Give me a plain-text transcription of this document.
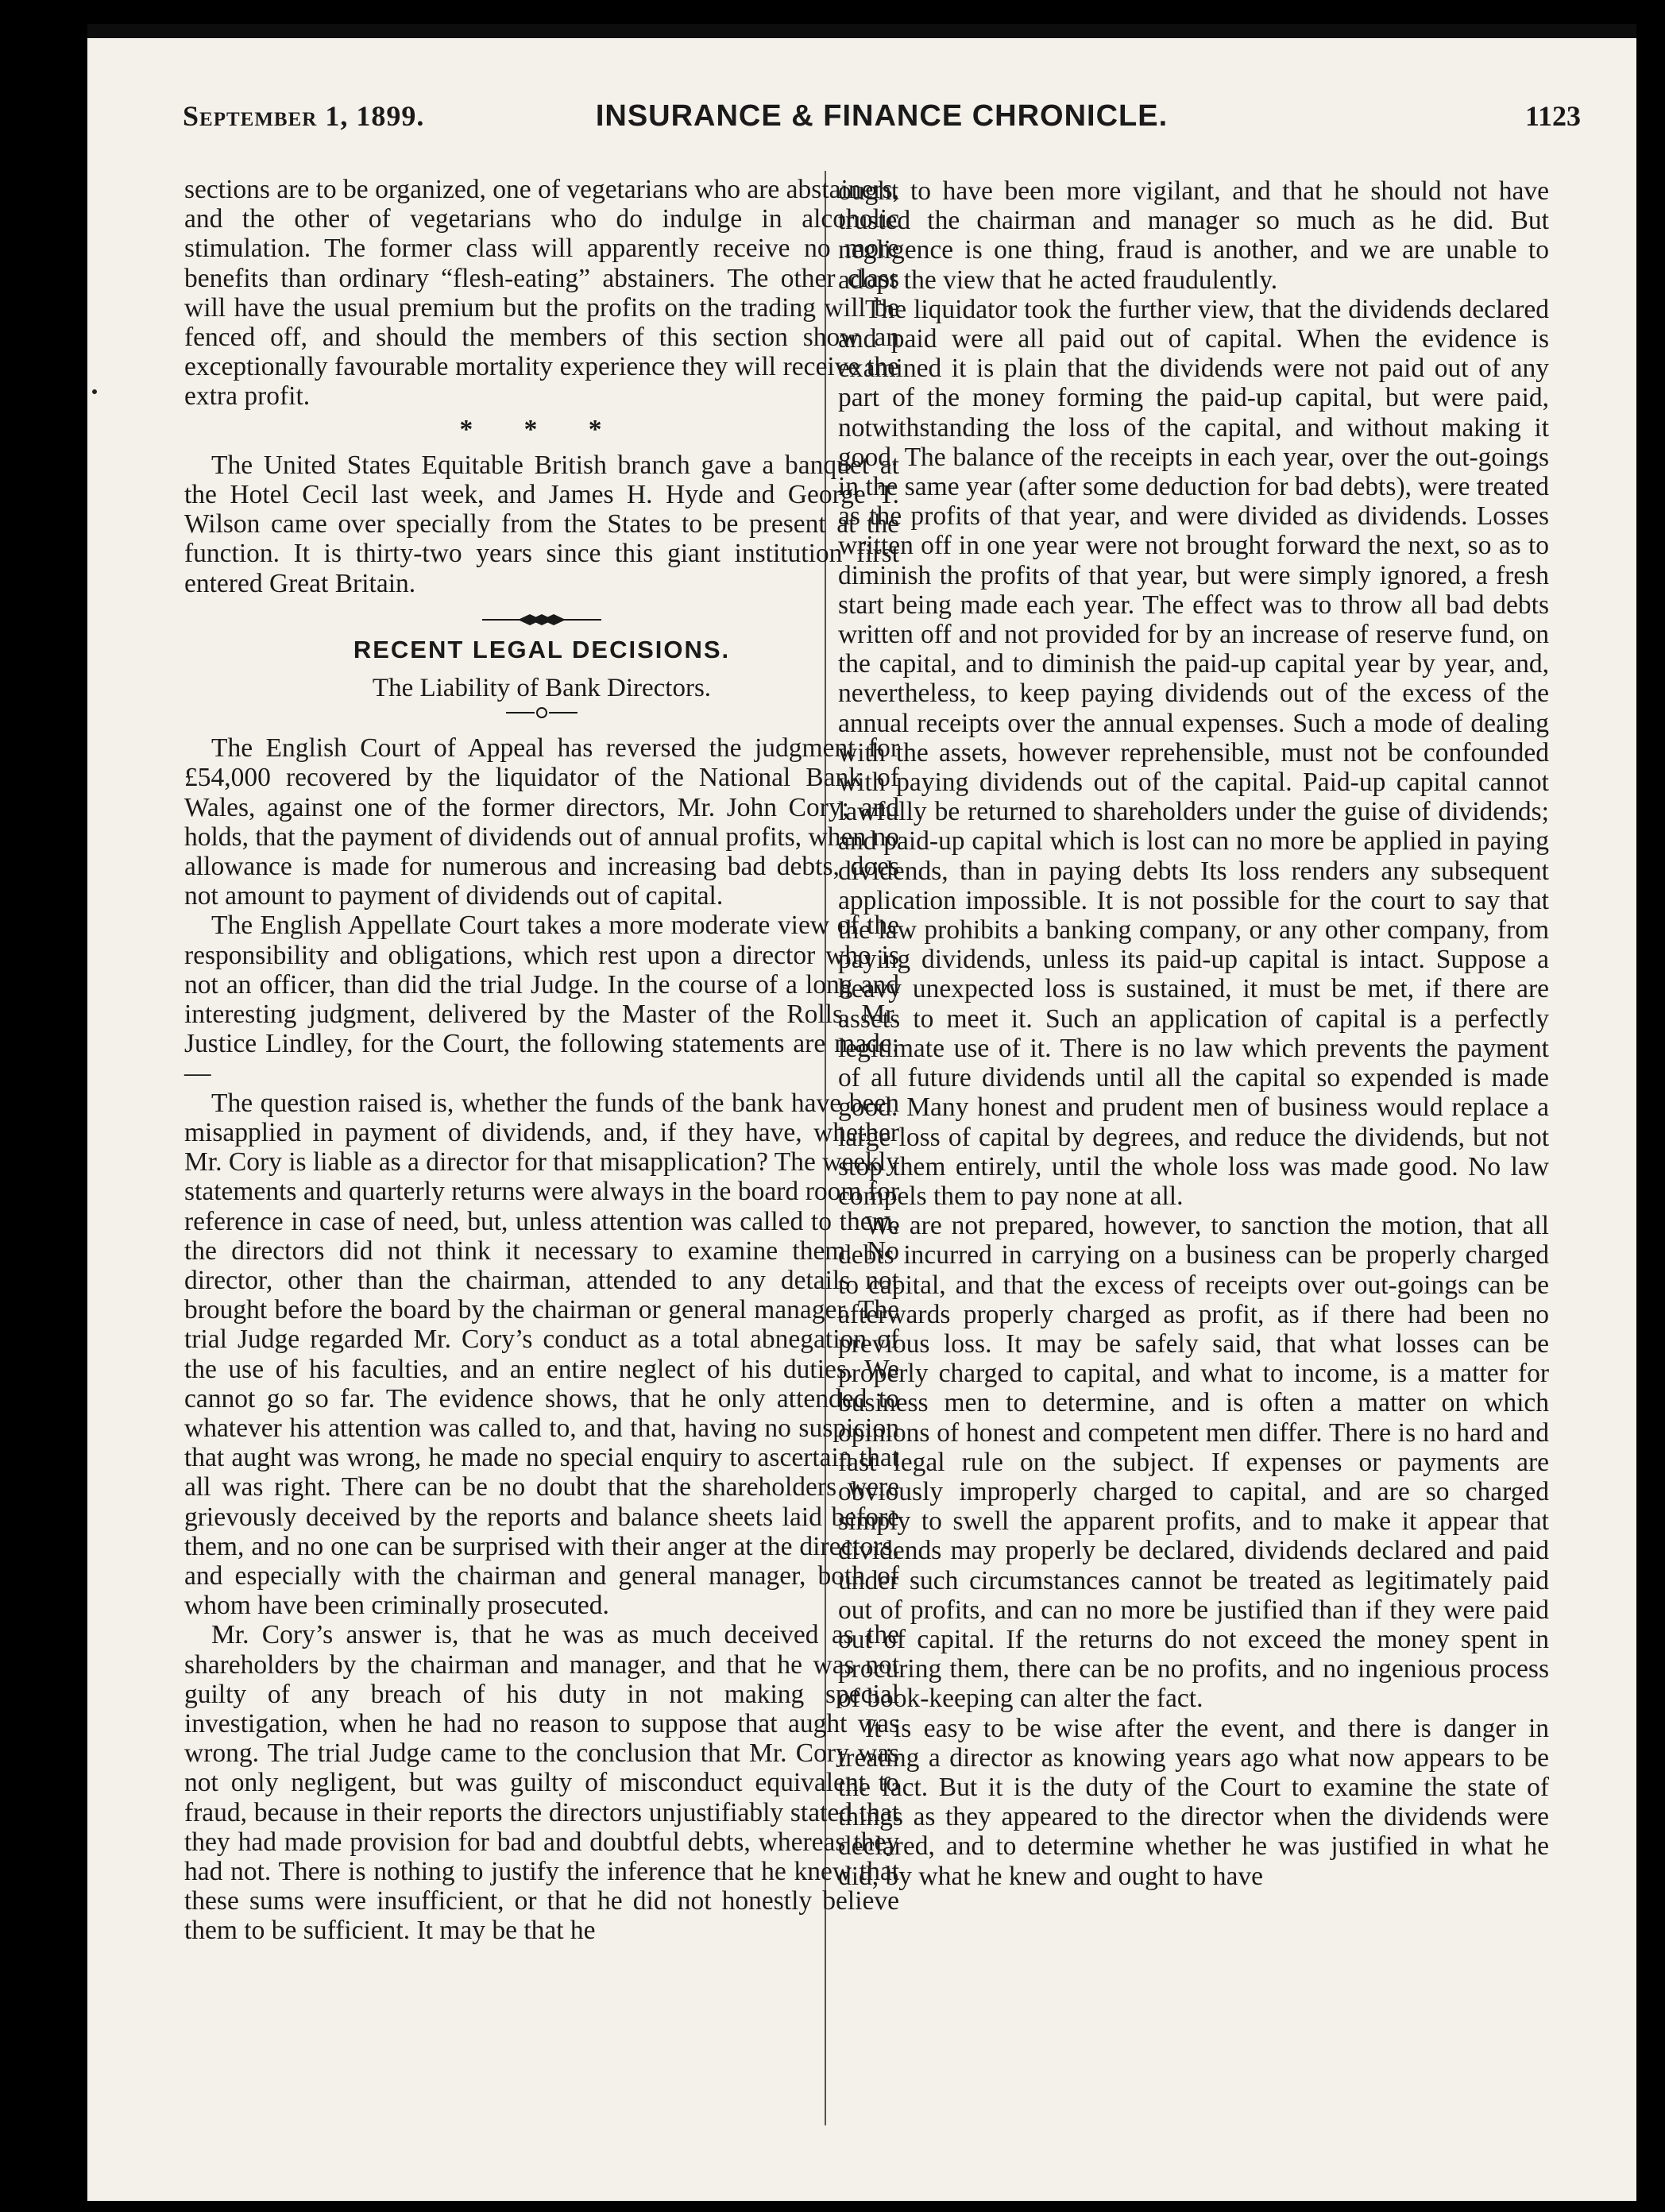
September 1, 1899.	INSURANCE & FINANCE CHRONICLE.	1123

sections are to be organized, one of vegetarians who are abstainers, and the other of vegetarians who do indulge in alcoholic stimulation. The former class will apparently receive no more benefits than ordinary “flesh-eating” abstainers. The other class will have the usual premium but the profits on the trading will be fenced off, and should the members of this section show an exceptionally favourable mortality experience they will receive the extra profit.

* * *

The United States Equitable British branch gave a banquet at the Hotel Cecil last week, and James H. Hyde and George T. Wilson came over specially from the States to be present at the function. It is thirty-two years since this giant institution first entered Great Britain.

RECENT LEGAL DECISIONS.
The Liability of Bank Directors.

The English Court of Appeal has reversed the judgment for £54,000 recovered by the liquidator of the National Bank of Wales, against one of the former directors, Mr. John Cory; and holds, that the payment of dividends out of annual profits, when no allowance is made for numerous and increasing bad debts, does not amount to payment of dividends out of capital.

The English Appellate Court takes a more moderate view of the responsibility and obligations, which rest upon a director who is not an officer, than did the trial Judge. In the course of a long and interesting judgment, delivered by the Master of the Rolls, Mr. Justice Lindley, for the Court, the following statements are made:—

The question raised is, whether the funds of the bank have been misapplied in payment of dividends, and, if they have, whether Mr. Cory is liable as a director for that misapplication? The weekly statements and quarterly returns were always in the board room for reference in case of need, but, unless attention was called to them, the directors did not think it necessary to examine them. No director, other than the chairman, attended to any details not brought before the board by the chairman or general manager. The trial Judge regarded Mr. Cory’s conduct as a total abnegation of the use of his faculties, and an entire neglect of his duties. We cannot go so far. The evidence shows, that he only attended to whatever his attention was called to, and that, having no suspicion that aught was wrong, he made no special enquiry to ascertain that all was right. There can be no doubt that the shareholders were grievously deceived by the reports and balance sheets laid before them, and no one can be surprised with their anger at the directors, and especially with the chairman and general manager, both of whom have been criminally prosecuted.

Mr. Cory’s answer is, that he was as much deceived as the shareholders by the chairman and manager, and that he was not guilty of any breach of his duty in not making special investigation, when he had no reason to suppose that aught was wrong. The trial Judge came to the conclusion that Mr. Cory was not only negligent, but was guilty of misconduct equivalent to fraud, because in their reports the directors unjustifiably stated that they had made provision for bad and doubtful debts, whereas they had not. There is nothing to justify the inference that he knew that these sums were insufficient, or that he did not honestly believe them to be sufficient. It may be that he

ought to have been more vigilant, and that he should not have trusted the chairman and manager so much as he did. But negligence is one thing, fraud is another, and we are unable to adopt the view that he acted fraudulently.

The liquidator took the further view, that the dividends declared and paid were all paid out of capital. When the evidence is examined it is plain that the dividends were not paid out of any part of the money forming the paid-up capital, but were paid, notwithstanding the loss of the capital, and without making it good. The balance of the receipts in each year, over the out-goings in the same year (after some deduction for bad debts), were treated as the profits of that year, and were divided as dividends. Losses written off in one year were not brought forward the next, so as to diminish the profits of that year, but were simply ignored, a fresh start being made each year. The effect was to throw all bad debts written off and not provided for by an increase of reserve fund, on the capital, and to diminish the paid-up capital year by year, and, nevertheless, to keep paying dividends out of the excess of the annual receipts over the annual expenses. Such a mode of dealing with the assets, however reprehensible, must not be confounded with paying dividends out of the capital. Paid-up capital cannot lawfully be returned to shareholders under the guise of dividends; and paid-up capital which is lost can no more be applied in paying dividends, than in paying debts Its loss renders any subsequent application impossible. It is not possible for the court to say that the law prohibits a banking company, or any other company, from paying dividends, unless its paid-up capital is intact. Suppose a heavy unexpected loss is sustained, it must be met, if there are assets to meet it. Such an application of capital is a perfectly legitimate use of it. There is no law which prevents the payment of all future dividends until all the capital so expended is made good. Many honest and prudent men of business would replace a large loss of capital by degrees, and reduce the dividends, but not stop them entirely, until the whole loss was made good. No law compels them to pay none at all.

We are not prepared, however, to sanction the motion, that all debts incurred in carrying on a business can be properly charged to capital, and that the excess of receipts over out-goings can be afterwards properly charged as profit, as if there had been no previous loss. It may be safely said, that what losses can be properly charged to capital, and what to income, is a matter for business men to determine, and is often a matter on which opinions of honest and competent men differ. There is no hard and fast legal rule on the subject. If expenses or payments are obviously improperly charged to capital, and are so charged simply to swell the apparent profits, and to make it appear that dividends may properly be declared, dividends declared and paid under such circumstances cannot be treated as legitimately paid out of profits, and can no more be justified than if they were paid out of capital. If the returns do not exceed the money spent in procuring them, there can be no profits, and no ingenious process of book-keeping can alter the fact.

It is easy to be wise after the event, and there is danger in treating a director as knowing years ago what now appears to be the fact. But it is the duty of the Court to examine the state of things as they appeared to the director when the dividends were declared, and to determine whether he was justified in what he did, by what he knew and ought to have
